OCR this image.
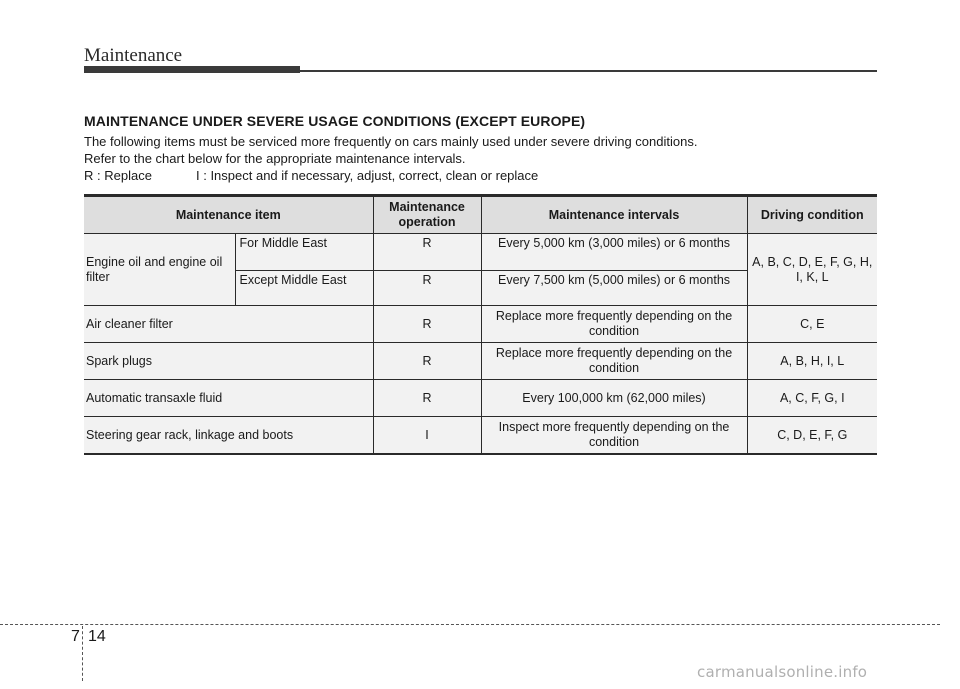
Maintenance
MAINTENANCE UNDER SEVERE USAGE CONDITIONS (EXCEPT EUROPE)
The following items must be serviced more frequently on cars mainly used under severe driving conditions.
Refer to the chart below for the appropriate maintenance intervals.
R : Replace	I : Inspect and if necessary, adjust, correct, clean or replace
Maintenance item		Maintenance operation	Maintenance intervals	Driving condition
Engine oil and engine oil filter	For Middle East	R	Every 5,000 km (3,000 miles) or 6 months	A, B, C, D, E, F, G, H, I, K, L
	Except Middle East	R	Every 7,500 km (5,000 miles) or 6 months	
Air cleaner filter		R	Replace more frequently depending on the condition	C, E
Spark plugs		R	Replace more frequently depending on the condition	A, B, H, I, L
Automatic transaxle fluid		R	Every 100,000 km (62,000 miles)	A, C, F, G, I
Steering gear rack, linkage and boots		I	Inspect more frequently depending on the condition	C, D, E, F, G
7 14
carmanualsonline.info
